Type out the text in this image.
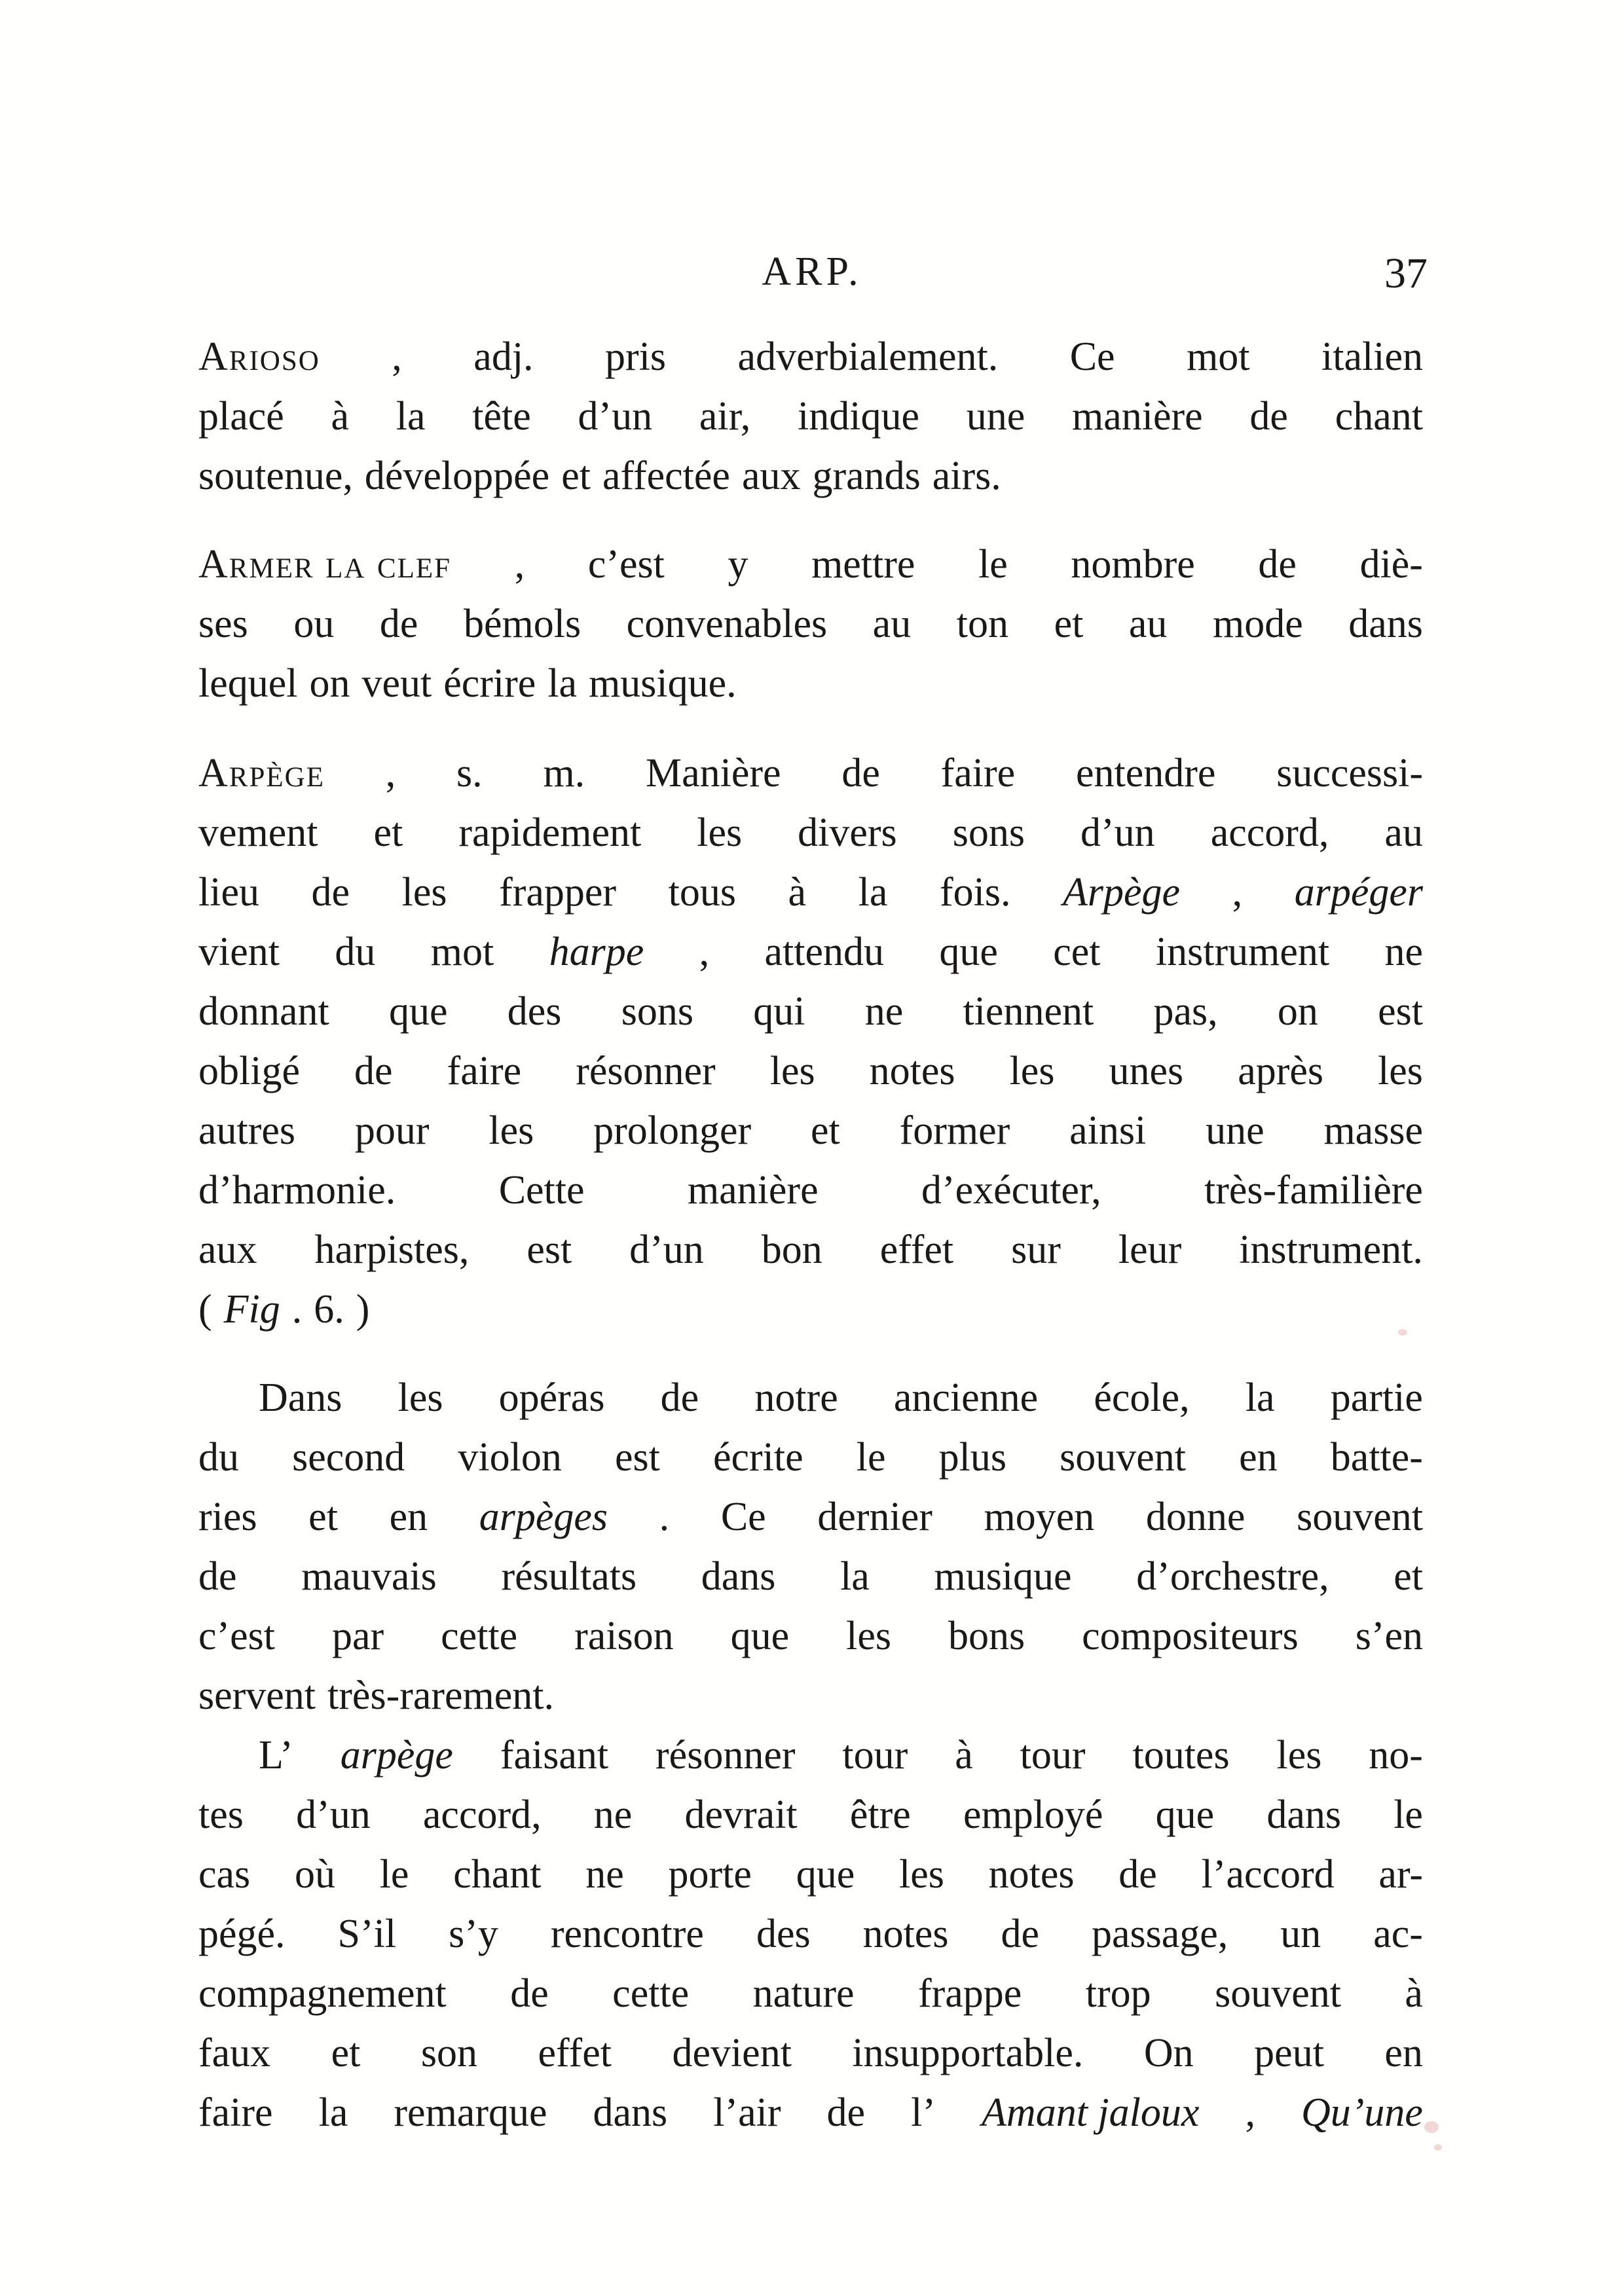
ARP.	37
Arioso , adj. pris adverbialement. Ce mot italien
placé à la tête d’un air, indique une manière de chant
soutenue, développée et affectée aux grands airs.
Armer la clef , c’est y mettre le nombre de diè-
ses ou de bémols convenables au ton et au mode dans
lequel on veut écrire la musique.
Arpège , s. m. Manière de faire entendre successi-
vement et rapidement les divers sons d’un accord, au
lieu de les frapper tous à la fois. Arpège , arpéger
vient du mot harpe , attendu que cet instrument ne
donnant que des sons qui ne tiennent pas, on est
obligé de faire résonner les notes les unes après les
autres pour les prolonger et former ainsi une masse
d’harmonie.	Cette	manière	d’exécuter,	très-familière
aux harpistes, est d’un bon effet sur leur instrument.
( Fig . 6. )
Dans les opéras de notre ancienne école, la partie
du second violon est écrite le plus souvent en batte-
ries et en arpèges . Ce dernier moyen donne souvent
de mauvais résultats dans la musique d’orchestre, et
c’est par cette raison que les bons compositeurs s’en
servent très-rarement.
L’ arpège faisant résonner tour à tour toutes les no-
tes d’un accord, ne devrait être employé que dans le
cas où le chant ne porte que les notes de l’accord ar-
pégé. S’il s’y rencontre des notes de passage, un ac-
compagnement de cette nature frappe trop souvent à
faux et son effet devient insupportable. On peut en
faire la remarque dans l’air de l’ Amant jaloux , Qu’une
